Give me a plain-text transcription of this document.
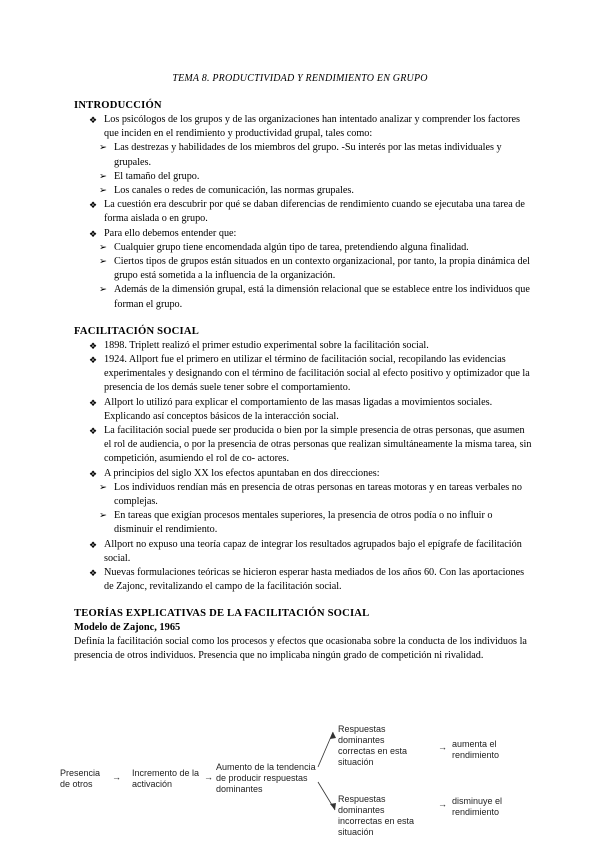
TEMA 8. PRODUCTIVIDAD Y RENDIMIENTO EN GRUPO
INTRODUCCIÓN
❖ Los psicólogos de los grupos y de las organizaciones han intentado analizar y comprender los factores que inciden en el rendimiento y productividad grupal, tales como:
➢ Las destrezas y habilidades de los miembros del grupo. -Su interés por las metas individuales y grupales.
➢ El tamaño del grupo.
➢ Los canales o redes de comunicación, las normas grupales.
❖ La cuestión era descubrir por qué se daban diferencias de rendimiento cuando se ejecutaba una tarea de forma aislada o en grupo.
❖ Para ello debemos entender que:
➢ Cualquier grupo tiene encomendada algún tipo de tarea, pretendiendo alguna finalidad.
➢ Ciertos tipos de grupos están situados en un contexto organizacional, por tanto, la propia dinámica del grupo está sometida a la influencia de la organización.
➢ Además de la dimensión grupal, está la dimensión relacional que se establece entre los individuos que forman el grupo.
FACILITACIÓN SOCIAL
❖ 1898. Triplett realizó el primer estudio experimental sobre la facilitación social.
❖ 1924. Allport fue el primero en utilizar el término de facilitación social, recopilando las evidencias experimentales y designando con el término de facilitación social al efecto positivo y optimizador que la presencia de los demás suele tener sobre el comportamiento.
❖ Allport lo utilizó para explicar el comportamiento de las masas ligadas a movimientos sociales. Explicando así conceptos básicos de la interacción social.
❖ La facilitación social puede ser producida o bien por la simple presencia de otras personas, que asumen el rol de audiencia, o por la presencia de otras personas que realizan simultáneamente la misma tarea, sin competición, asumiendo el rol de co- actores.
❖ A principios del siglo XX los efectos apuntaban en dos direcciones:
➢ Los individuos rendían más en presencia de otras personas en tareas motoras y en tareas verbales no complejas.
➢ En tareas que exigían procesos mentales superiores, la presencia de otros podía o no influir o disminuir el rendimiento.
❖ Allport no expuso una teoría capaz de integrar los resultados agrupados bajo el epígrafe de facilitación social.
❖ Nuevas formulaciones teóricas se hicieron esperar hasta mediados de los años 60. Con las aportaciones de Zajonc, revitalizando el campo de la facilitación social.
TEORÍAS EXPLICATIVAS DE LA FACILITACIÓN SOCIAL
Modelo de Zajonc, 1965

Definía la facilitación social como los procesos y efectos que ocasionaba sobre la conducta de los individuos la presencia de otros individuos. Presencia que no implicaba ningún grado de competición ni rivalidad.

Presencia de otros
→ Incremento de la activación
→
Aumento de la tendencia de producir respuestas dominantes
Respuestas dominantes correctas en esta situación
→ aumenta el rendimiento
Respuestas dominantes incorrectas en esta situación
→ disminuye el rendimiento
